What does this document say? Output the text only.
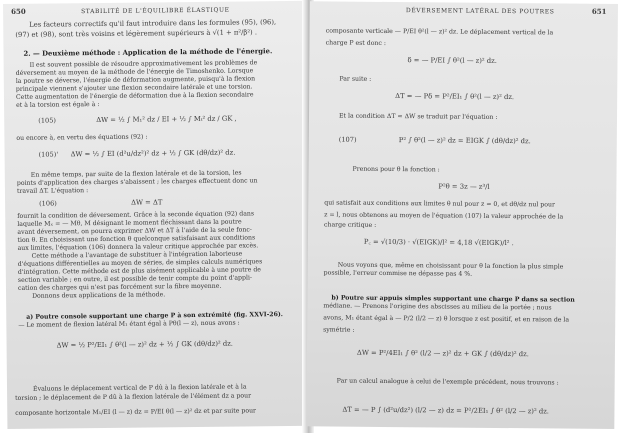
650	STABILITÉ DE L'ÉQUILIBRE ÉLASTIQUE
Les facteurs correctifs qu'il faut introduire dans les formules (95), (96),
(97) et (98), sont très voisins et légèrement supérieurs à √(1 + π²/β²) .
2. — Deuxième méthode : Application de la méthode de l'énergie.
Il est souvent possible de résoudre approximativement les problèmes de
déversement au moyen de la méthode de l'énergie de Timoshenko. Lorsque
la poutre se déverse, l'énergie de déformation augmente, puisqu'à la flexion
principale viennent s'ajouter une flexion secondaire latérale et une torsion.
Cette augmentation de l'énergie de déformation due à la flexion secondaire
et à la torsion est égale à :
(105)	ΔW = ½ ∫ M₁² dz / EI + ½ ∫ Mₜ² dz / GK ,
ou encore à, en vertu des équations (92) :
(105)' ΔW = ½ ∫ EI (d²u/dz²)² dz + ½ ∫ GK (dθ/dz)² dz.
En même temps, par suite de la flexion latérale et de la torsion, les
points d'application des charges s'abaissent ; les charges effectuent donc un
travail ΔT. L'équation :
(106)	ΔW = ΔT
fournit la condition de déversement. Grâce à la seconde équation (92) dans
laquelle Mₓ = — Mθ, M désignant le moment fléchissant dans la poutre
avant déversement, on pourra exprimer ΔW et ΔT à l'aide de la seule fonc-
tion θ. En choisissant une fonction θ quelconque satisfaisant aux conditions
aux limites, l'équation (106) donnera la valeur critique approchée par excès.
Cette méthode a l'avantage de substituer à l'intégration laborieuse
d'équations différentielles au moyen de séries, de simples calculs numériques
d'intégration. Cette méthode est de plus aisément applicable à une poutre de
section variable ; en outre, il est possible de tenir compte du point d'appli-
cation des charges qui n'est pas forcément sur la fibre moyenne.
Donnons deux applications de la méthode.
a) Poutre console supportant une charge P à son extrémité (fig. XXVI-26).
— Le moment de flexion latéral M₁ étant égal à Pθ(l — z), nous avons :
ΔW = ½ P²/EI₁ ∫ θ²(l — z)² dz + ½ ∫ GK (dθ/dz)² dz.
Évaluons le déplacement vertical de P dû à la flexion latérale et à la
torsion ; le déplacement de P dû à la flexion latérale de l'élément dz a pour
composante horizontale M₁/EI (l — z) dz = P/EI θ(l — z)² dz et par suite pour
DÉVERSEMENT LATÉRAL DES POUTRES	651
composante verticale — P/EI θ²(l — z)² dz. Le déplacement vertical de la
charge P est donc :
δ = — P/EI ∫ θ²(l — z)² dz.
Par suite :
ΔT = — Pδ = P²/EI₁ ∫ θ²(l — z)² dz.
Et la condition ΔT = ΔW se traduit par l'équation :
(107)	P² ∫ θ²(l — z)² dz = EIGK ∫ (dθ/dz)² dz.
Prenons pour θ la fonction :
P²θ = 3z — z³/l
qui satisfait aux conditions aux limites θ nul pour z = 0, et dθ/dz nul pour
z = l, nous obtenons au moyen de l'équation (107) la valeur approchée de la
charge critique :
P꜀ = √(10/3) · √(EIGK)/l² = 4,18 √(EIGK)/l² .
Nous voyons que, même en choisissant pour θ la fonction la plus simple
possible, l'erreur commise ne dépasse pas 4 %.
b) Poutre sur appuis simples supportant une charge P dans sa section
médiane. — Prenons l'origine des abscisses au milieu de la portée ; nous
avons, M₁ étant égal à — P/2 (l/2 — z) θ lorsque z est positif, et en raison de la
symétrie :
ΔW = P²/4EI₁ ∫ θ² (l/2 — z)² dz + GK ∫ (dθ/dz)² dz.
Par un calcul analogue à celui de l'exemple précédent, nous trouvons :
ΔT = — P ∫ (d²u/dz²) (l/2 — z) dz = P²/2EI₁ ∫ θ² (l/2 — z)² dz.
